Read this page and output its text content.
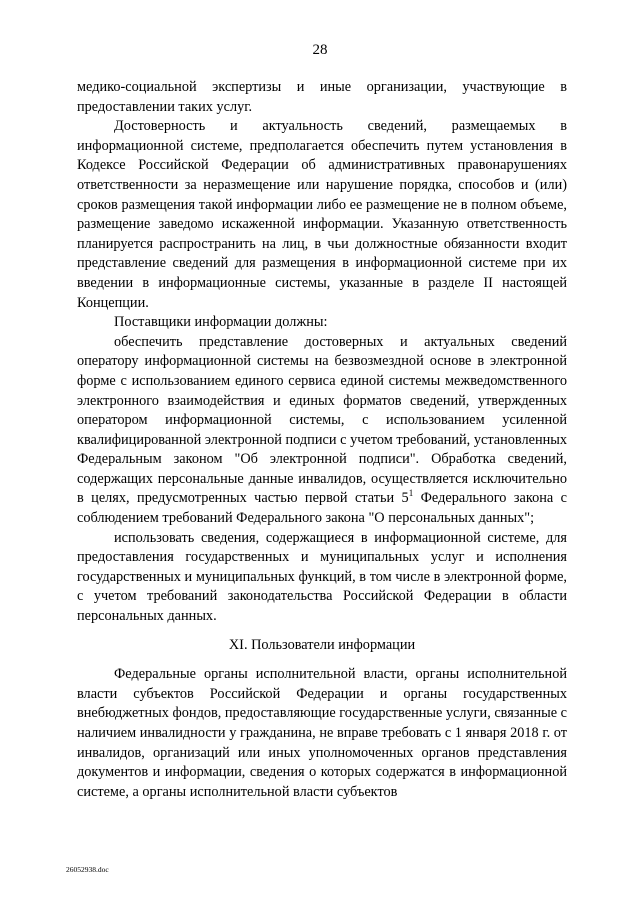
28

медико-социальной экспертизы и иные организации, участвующие в предоставлении таких услуг.

Достоверность и актуальность сведений, размещаемых в информационной системе, предполагается обеспечить путем установления в Кодексе Российской Федерации об административных правонарушениях ответственности за неразмещение или нарушение порядка, способов и (или) сроков размещения такой информации либо ее размещение не в полном объеме, размещение заведомо искаженной информации. Указанную ответственность планируется распространить на лиц, в чьи должностные обязанности входит представление сведений для размещения в информационной системе при их введении в информационные системы, указанные в разделе II настоящей Концепции.

Поставщики информации должны:

обеспечить представление достоверных и актуальных сведений оператору информационной системы на безвозмездной основе в электронной форме с использованием единого сервиса единой системы межведомственного электронного взаимодействия и единых форматов сведений, утвержденных оператором информационной системы, с использованием усиленной квалифицированной электронной подписи с учетом требований, установленных Федеральным законом "Об электронной подписи". Обработка сведений, содержащих персональные данные инвалидов, осуществляется исключительно в целях, предусмотренных частью первой статьи $5^1$ Федерального закона с соблюдением требований Федерального закона "О персональных данных";

использовать сведения, содержащиеся в информационной системе, для предоставления государственных и муниципальных услуг и исполнения государственных и муниципальных функций, в том числе в электронной форме, с учетом требований законодательства Российской Федерации в области персональных данных.

XI. Пользователи информации

Федеральные органы исполнительной власти, органы исполнительной власти субъектов Российской Федерации и органы государственных внебюджетных фондов, предоставляющие государственные услуги, связанные с наличием инвалидности у гражданина, не вправе требовать с 1 января 2018 г. от инвалидов, организаций или иных уполномоченных органов представления документов и информации, сведения о которых содержатся в информационной системе, а органы исполнительной власти субъектов

26052938.doc
